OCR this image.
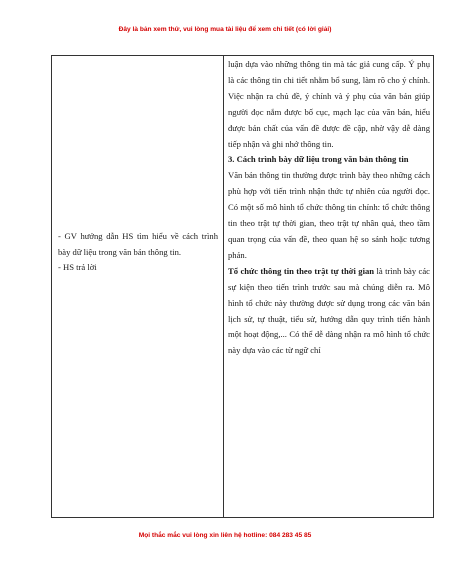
Đây là bản xem thử, vui lòng mua tài liệu để xem chi tiết (có lời giải)

- GV hướng dẫn HS tìm hiểu về cách trình bày dữ liệu trong văn bản thông tin.

- HS trả lời

luận dựa vào những thông tin mà tác giả cung cấp. Ý phụ là các thông tin chi tiết nhằm bổ sung, làm rõ cho ý chính. Việc nhận ra chủ đề, ý chính và ý phụ của văn bản giúp người đọc nắm được bố cục, mạch lạc của văn bản, hiểu được bản chất của vấn đề được đề cập, nhờ vậy dễ dàng tiếp nhận và ghi nhớ thông tin.

3. Cách trình bày dữ liệu trong văn bản thông tin

Văn bản thông tin thường được trình bày theo những cách phù hợp với tiến trình nhận thức tự nhiên của người đọc. Có một số mô hình tổ chức thông tin chính: tổ chức thông tin theo trật tự thời gian, theo trật tự nhân quả, theo tầm quan trọng của vấn đề, theo quan hệ so sánh hoặc tương phản.

Tổ chức thông tin theo trật tự thời gian là trình bày các sự kiện theo tiến trình trước sau mà chúng diễn ra. Mô hình tổ chức này thường được sử dụng trong các văn bản lịch sử, tự thuật, tiểu sử, hướng dẫn quy trình tiến hành một hoạt động,... Có thể dễ dàng nhận ra mô hình tổ chức này dựa vào các từ ngữ chỉ

Mọi thắc mắc vui lòng xin liên hệ hotline: 084 283 45 85
